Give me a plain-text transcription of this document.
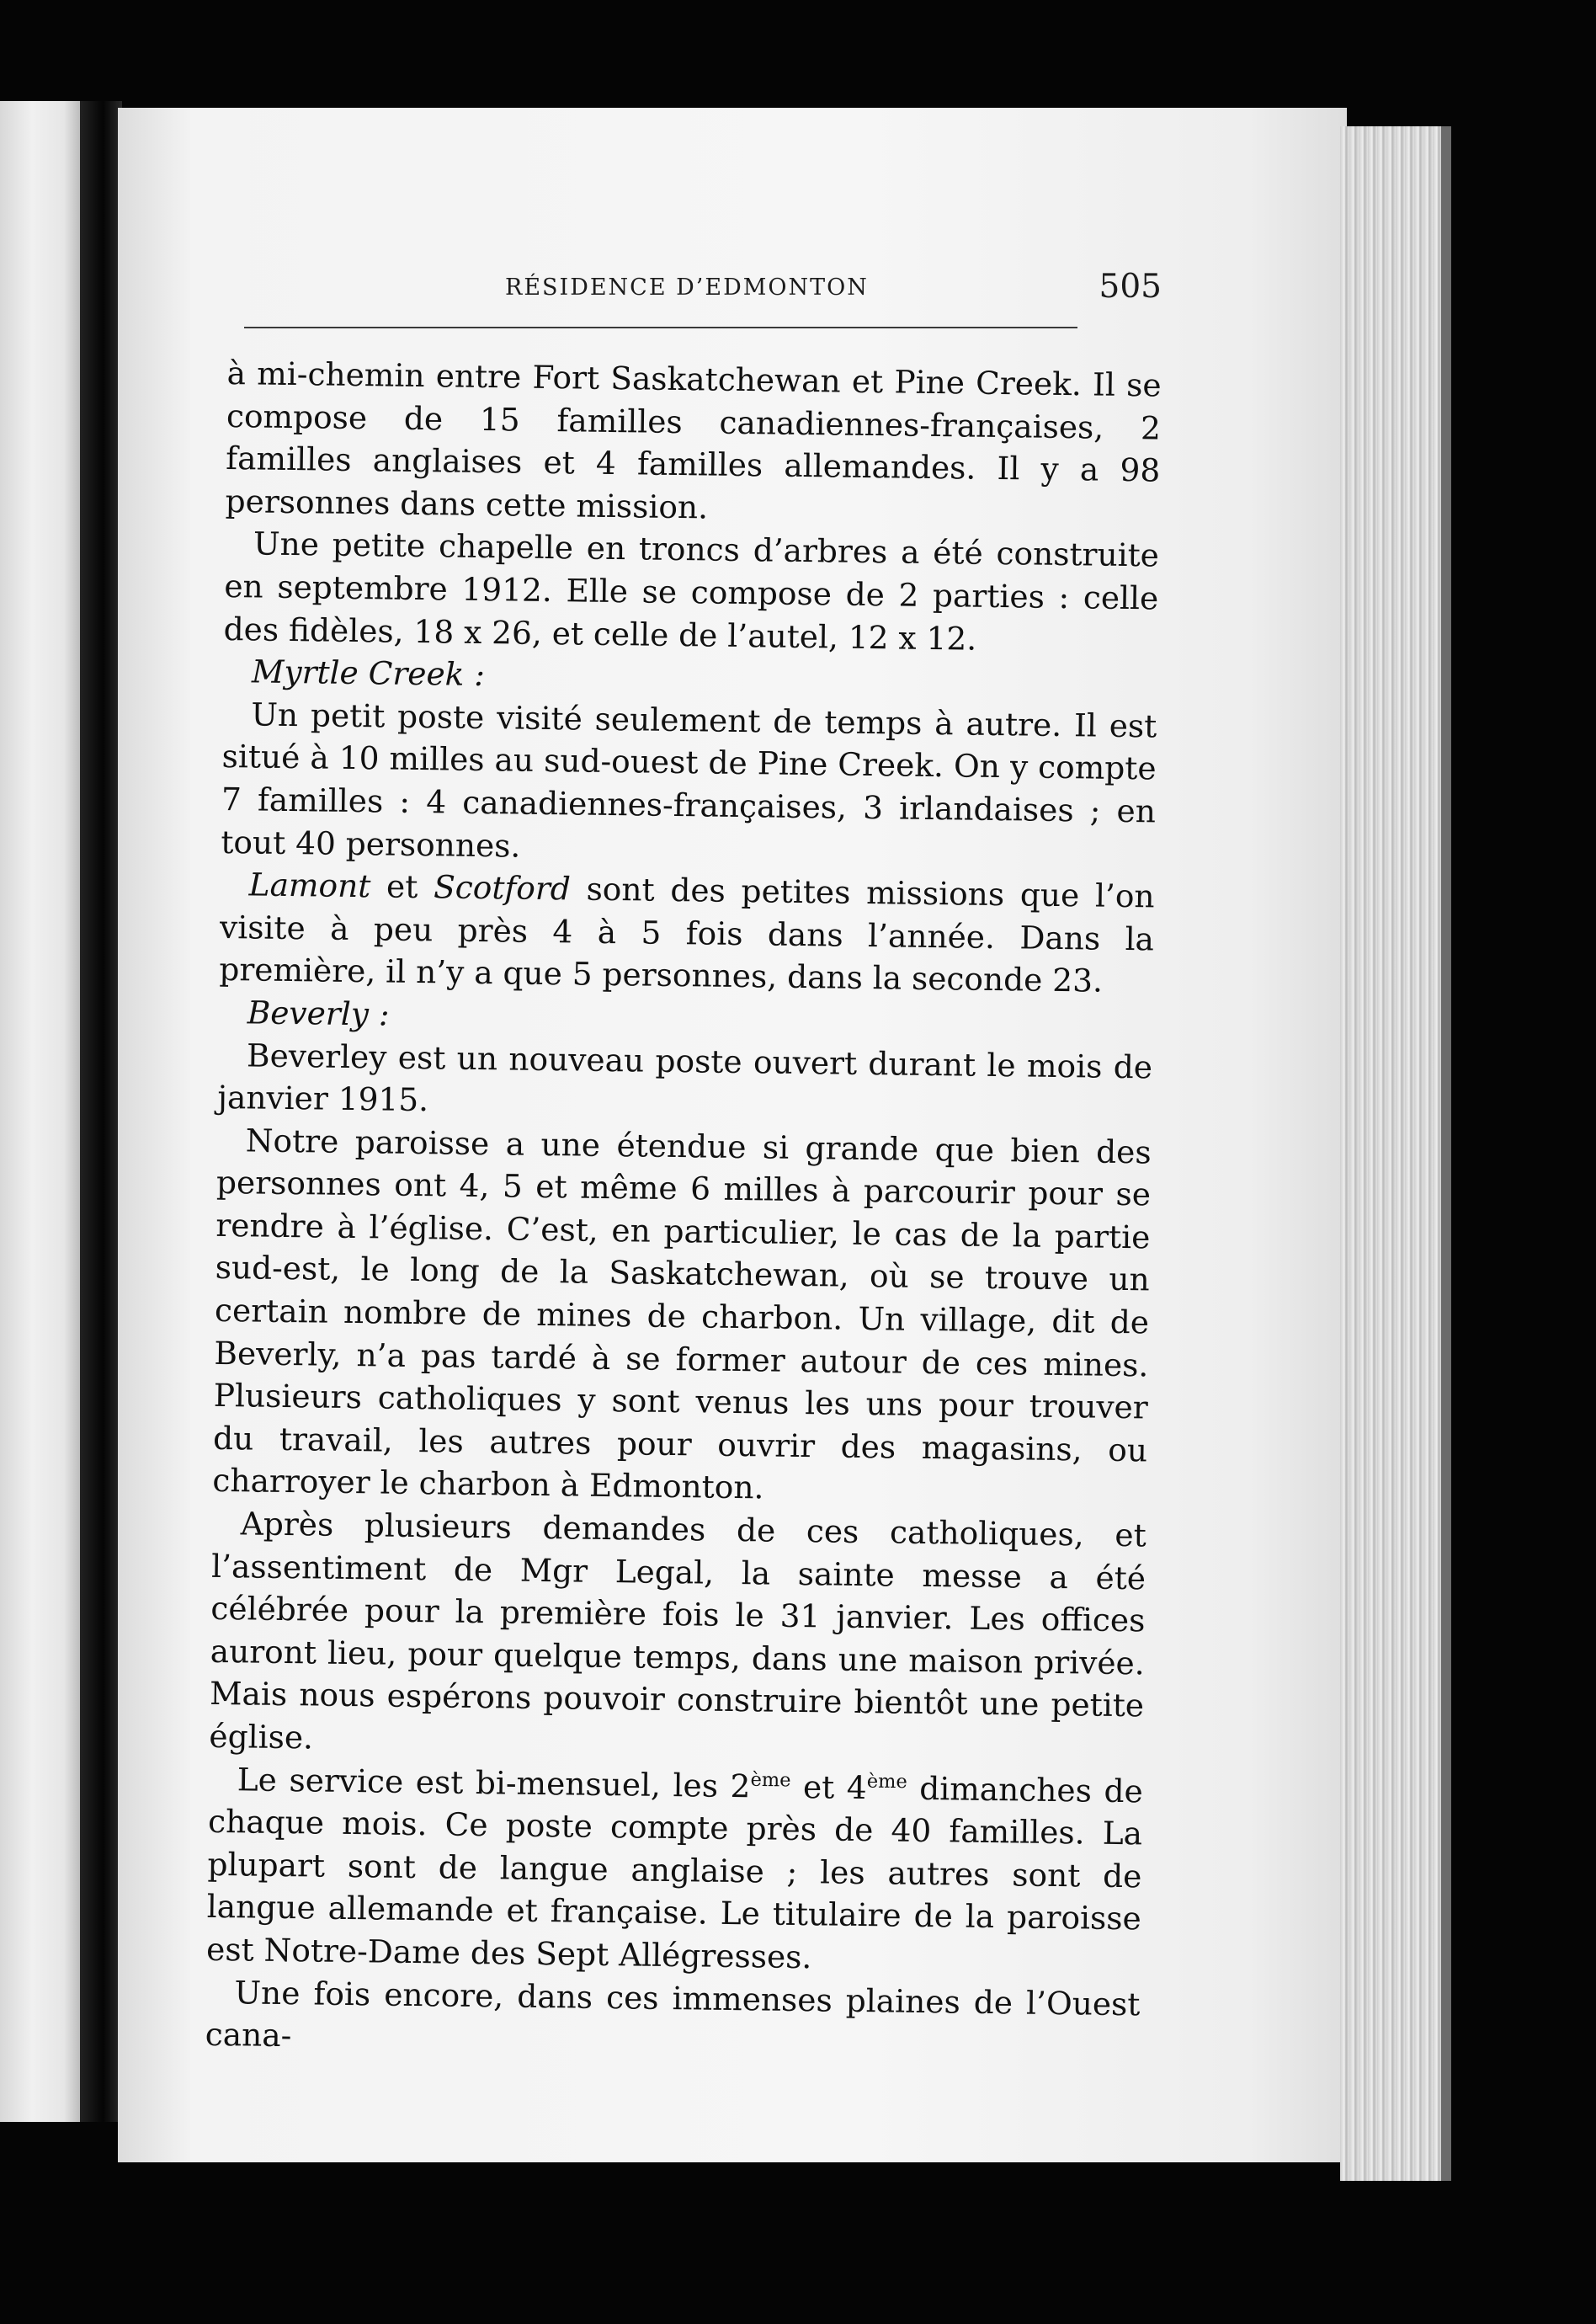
RÉSIDENCE D’EDMONTON	505

à mi-chemin entre Fort Saskatchewan et Pine Creek. Il se compose de 15 familles canadiennes-françaises, 2 familles anglaises et 4 familles allemandes. Il y a 98 personnes dans cette mission.

Une petite chapelle en troncs d’arbres a été construite en septembre 1912. Elle se compose de 2 parties : celle des fidèles, 18 x 26, et celle de l’autel, 12 x 12.

Myrtle Creek :

Un petit poste visité seulement de temps à autre. Il est situé à 10 milles au sud-ouest de Pine Creek. On y compte 7 familles : 4 canadiennes-françaises, 3 irlandaises ; en tout 40 personnes.

Lamont et Scotford sont des petites missions que l’on visite à peu près 4 à 5 fois dans l’année. Dans la première, il n’y a que 5 personnes, dans la seconde 23.

Beverly :

Beverley est un nouveau poste ouvert durant le mois de janvier 1915.

Notre paroisse a une étendue si grande que bien des personnes ont 4, 5 et même 6 milles à parcourir pour se rendre à l’église. C’est, en particulier, le cas de la partie sud-est, le long de la Saskatchewan, où se trouve un certain nombre de mines de charbon. Un village, dit de Beverly, n’a pas tardé à se former autour de ces mines. Plusieurs catholiques y sont venus les uns pour trouver du travail, les autres pour ouvrir des magasins, ou charroyer le charbon à Edmonton.

Après plusieurs demandes de ces catholiques, et l’assentiment de Mgr Legal, la sainte messe a été célébrée pour la première fois le 31 janvier. Les offices auront lieu, pour quelque temps, dans une maison privée. Mais nous espérons pouvoir construire bientôt une petite église.

Le service est bi-mensuel, les 2ème et 4ème dimanches de chaque mois. Ce poste compte près de 40 familles. La plupart sont de langue anglaise ; les autres sont de langue allemande et française. Le titulaire de la paroisse est Notre-Dame des Sept Allégresses.

Une fois encore, dans ces immenses plaines de l’Ouest cana-
